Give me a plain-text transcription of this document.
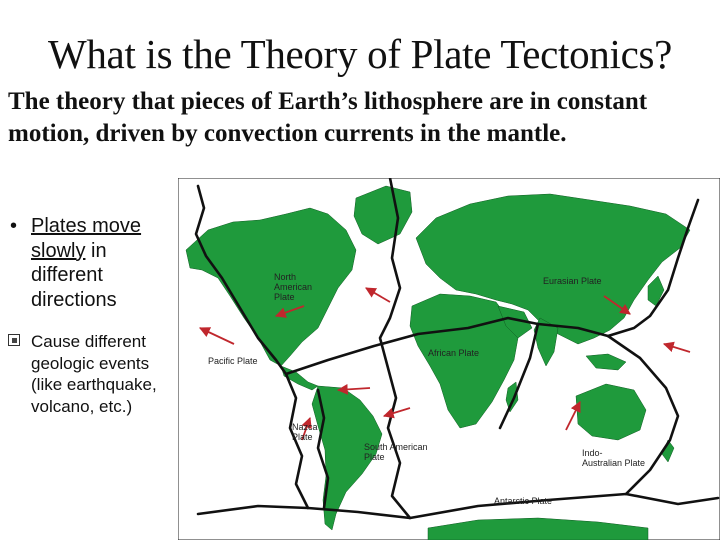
What is the Theory of Plate Tectonics?
The theory that pieces of Earth’s lithosphere are in constant motion, driven by convection currents in the mantle.
• Plates move slowly in different directions
Cause different geologic events (like earthquake, volcano, etc.)
North American Plate
Eurasian Plate
African Plate
Pacific Plate
Nazca Plate
South American Plate	Indo- Australian Plate
Antarctic Plate
